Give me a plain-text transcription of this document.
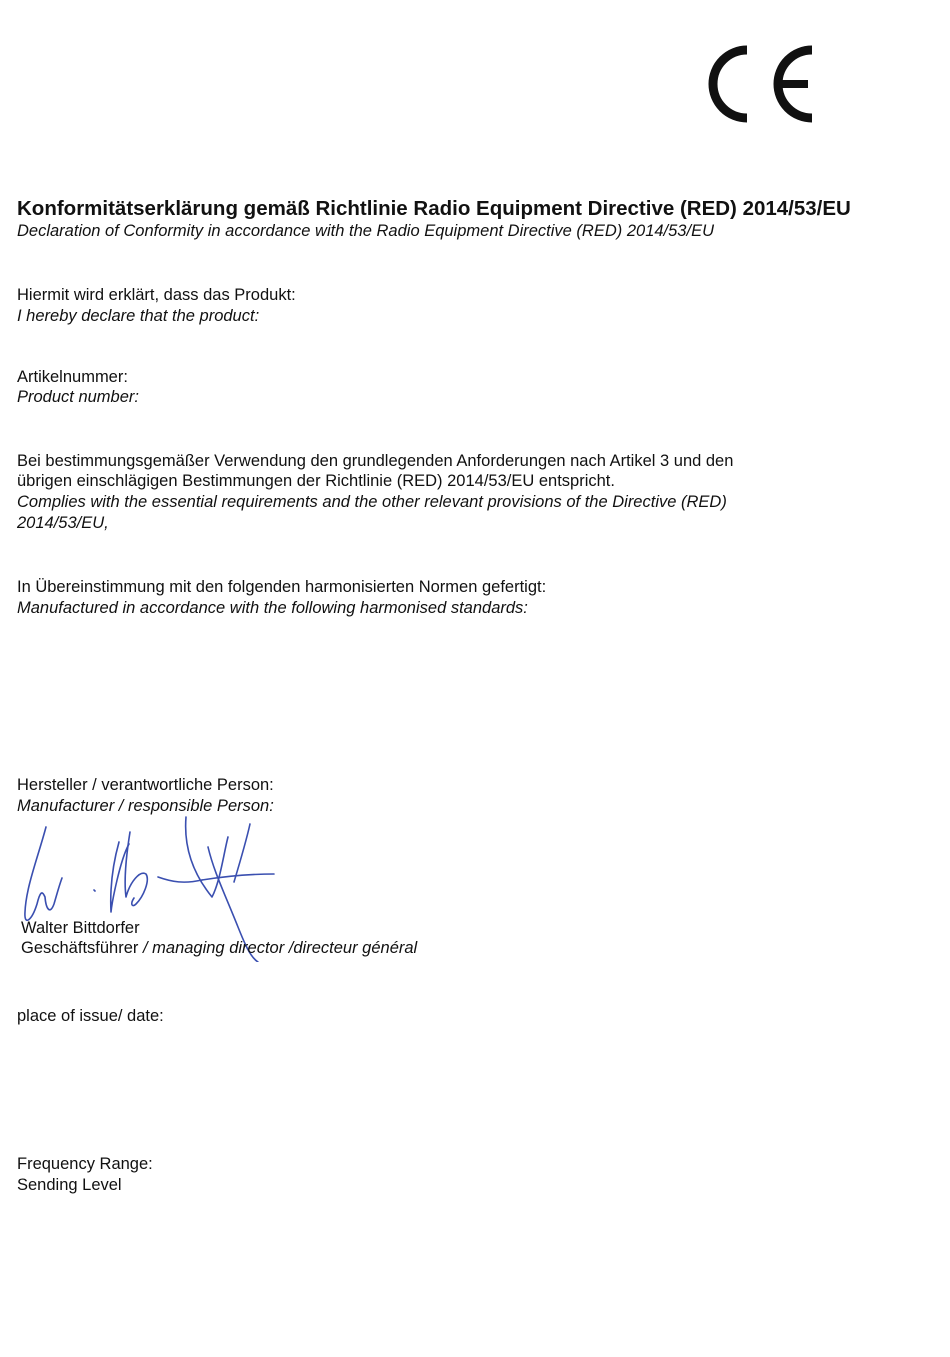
Konformitätserklärung gemäß Richtlinie Radio Equipment Directive (RED) 2014/53/EU
Declaration of Conformity in accordance with the Radio Equipment Directive (RED) 2014/53/EU
Hiermit wird erklärt, dass das Produkt:
I hereby declare that the product:
Artikelnummer:
Product number:
Bei bestimmungsgemäßer Verwendung den grundlegenden Anforderungen nach Artikel 3 und den
übrigen einschlägigen Bestimmungen der Richtlinie (RED) 2014/53/EU entspricht.
Complies with the essential requirements and the other relevant provisions of the Directive (RED)
2014/53/EU,
In Übereinstimmung mit den folgenden harmonisierten Normen gefertigt:
Manufactured in accordance with the following harmonised standards:
Hersteller / verantwortliche Person:
Manufacturer / responsible Person:
Walter Bittdorfer
Geschäftsführer / managing director /directeur général
place of issue/ date:
Frequency Range:
Sending Level
